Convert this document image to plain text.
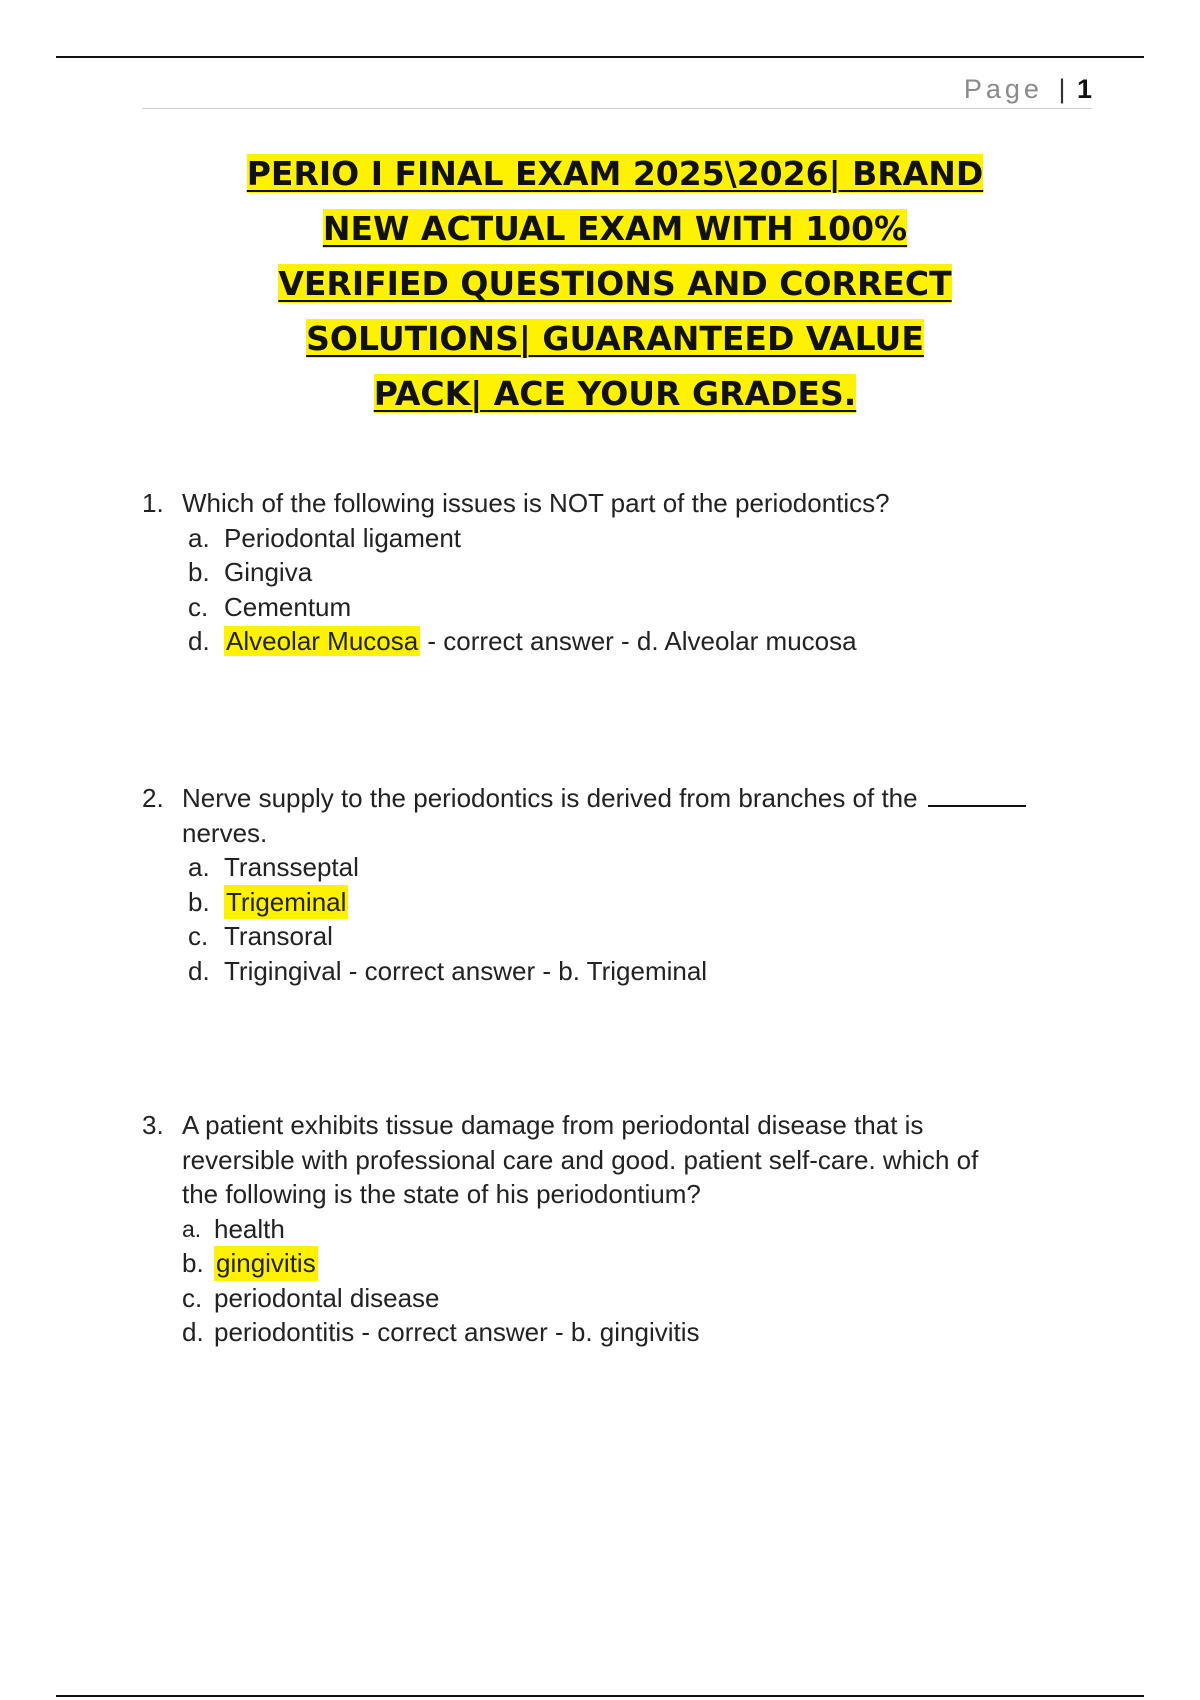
Page | 1
PERIO I FINAL EXAM 2025\2026| BRAND
NEW ACTUAL EXAM WITH 100%
VERIFIED QUESTIONS AND CORRECT
SOLUTIONS| GUARANTEED VALUE
PACK| ACE YOUR GRADES.
1. Which of the following issues is NOT part of the periodontics?
a. Periodontal ligament
b. Gingiva
c. Cementum
d. Alveolar Mucosa - correct answer - d. Alveolar mucosa
2. Nerve supply to the periodontics is derived from branches of the
nerves.
a. Transseptal
b. Trigeminal
c. Transoral
d. Trigingival - correct answer - b. Trigeminal
3. A patient exhibits tissue damage from periodontal disease that is reversible with professional care and good. patient self-care. which of the following is the state of his periodontium?
a. health
b. gingivitis
c. periodontal disease
d. periodontitis - correct answer - b. gingivitis
